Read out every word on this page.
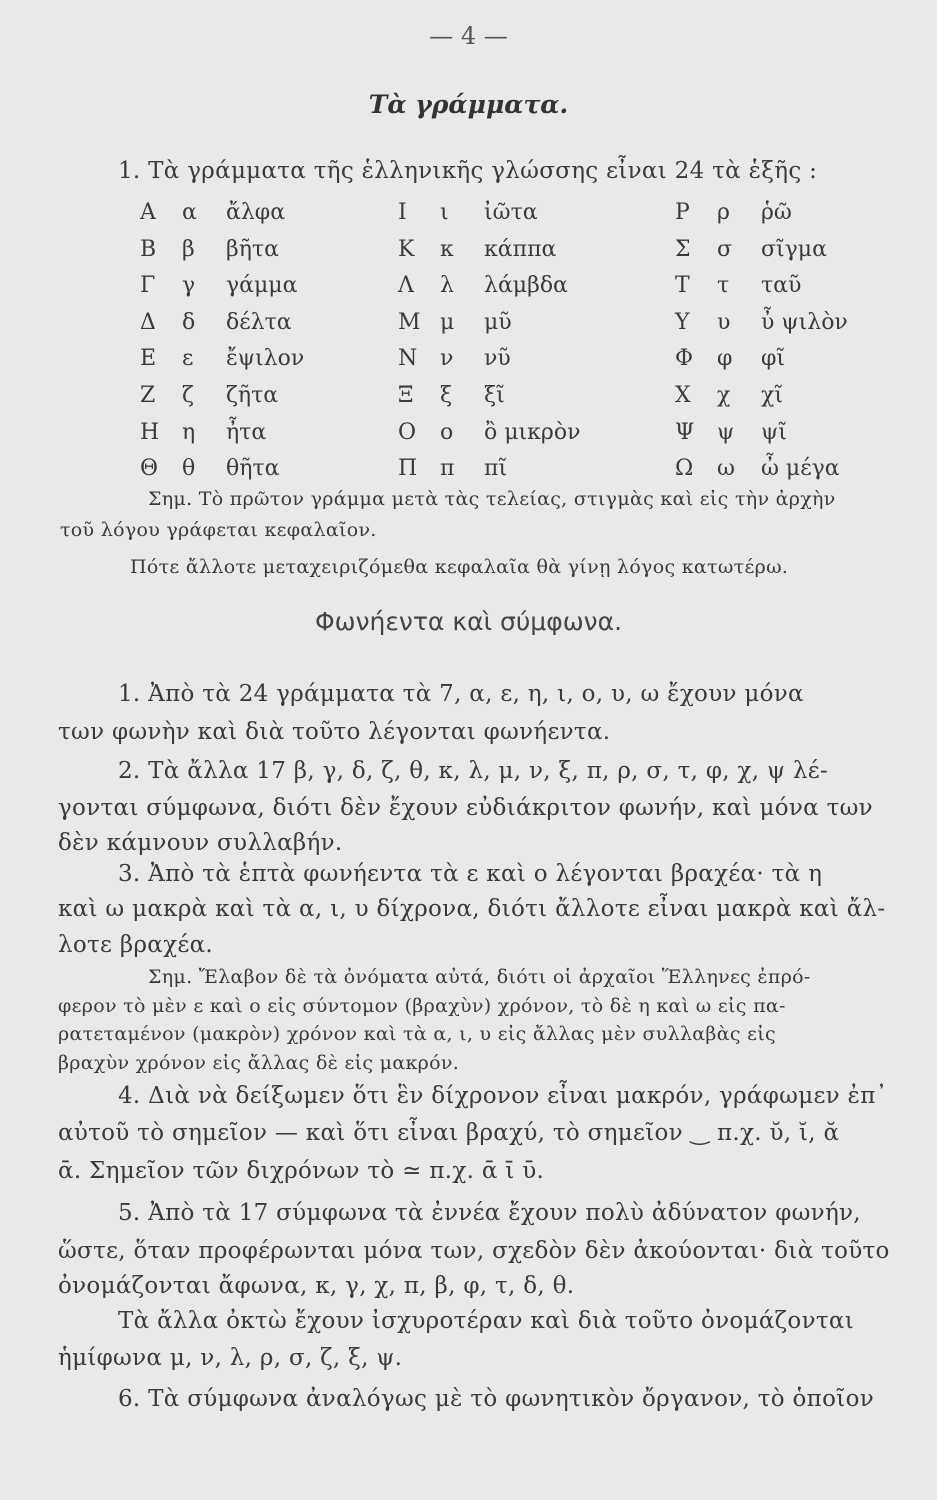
— 4 —
Τὰ γράμματα.
1. Τὰ γράμματα τῆς ἑλληνικῆς γλώσσης εἶναι 24 τὰ ἑξῆς :
Α α ἄλφα
Β β βῆτα
Γ γ γάμμα
Δ δ δέλτα
Ε ε ἔψιλον
Ζ ζ ζῆτα
Η η ἦτα
Θ θ θῆτα
Ι ι ἰῶτα
Κ κ κάππα
Λ λ λάμβδα
Μ μ μῦ
Ν ν νῦ
Ξ ξ ξῖ
Ο ο ὂ μικρὸν
Π π πῖ
Ρ ρ ῥῶ
Σ σ σῖγμα
Τ τ ταῦ
Υ υ ὖ ψιλὸν
Φ φ φῖ
Χ χ χῖ
Ψ ψ ψῖ
Ω ω ὦ μέγα
Σημ. Τὸ πρῶτον γράμμα μετὰ τὰς τελείας, στιγμὰς καὶ εἰς τὴν ἀρχὴν
τοῦ λόγου γράφεται κεφαλαῖον.
Πότε ἄλλοτε μεταχειριζόμεθα κεφαλαῖα θὰ γίνῃ λόγος κατωτέρω.
Φωνήεντα καὶ σύμφωνα.
1. Ἀπὸ τὰ 24 γράμματα τὰ 7, α, ε, η, ι, ο, υ, ω ἔχουν μόνα
των φωνὴν καὶ διὰ τοῦτο λέγονται φωνήεντα.
2. Τὰ ἄλλα 17 β, γ, δ, ζ, θ, κ, λ, μ, ν, ξ, π, ρ, σ, τ, φ, χ, ψ λέ-
γονται σύμφωνα, διότι δὲν ἔχουν εὐδιάκριτον φωνήν, καὶ μόνα των
δὲν κάμνουν συλλαβήν.
3. Ἀπὸ τὰ ἑπτὰ φωνήεντα τὰ ε καὶ ο λέγονται βραχέα· τὰ η
καὶ ω μακρὰ καὶ τὰ α, ι, υ δίχρονα, διότι ἄλλοτε εἶναι μακρὰ καὶ ἄλ-
λοτε βραχέα.
Σημ. Ἔλαβον δὲ τὰ ὀνόματα αὐτά, διότι οἱ ἀρχαῖοι Ἕλληνες ἐπρό-
φερον τὸ μὲν ε καὶ ο εἰς σύντομον (βραχὺν) χρόνον, τὸ δὲ η καὶ ω εἰς πα-
ρατεταμένον (μακρὸν) χρόνον καὶ τὰ α, ι, υ εἰς ἄλλας μὲν συλλαβὰς εἰς
βραχὺν χρόνον εἰς ἄλλας δὲ εἰς μακρόν.
4. Διὰ νὰ δείξωμεν ὅτι ἓν δίχρονον εἶναι μακρόν, γράφωμεν ἐπ᾿
αὐτοῦ τὸ σημεῖον — καὶ ὅτι εἶναι βραχύ, τὸ σημεῖον ‿ π.χ. ῠ, ῐ, ᾰ
ᾱ. Σημεῖον τῶν διχρόνων τὸ ≃ π.χ. ᾱ ῑ ῡ.
5. Ἀπὸ τὰ 17 σύμφωνα τὰ ἐννέα ἔχουν πολὺ ἀδύνατον φωνήν,
ὥστε, ὅταν προφέρωνται μόνα των, σχεδὸν δὲν ἀκούονται· διὰ τοῦτο
ὀνομάζονται ἄφωνα, κ, γ, χ, π, β, φ, τ, δ, θ.
Τὰ ἄλλα ὀκτὼ ἔχουν ἰσχυροτέραν καὶ διὰ τοῦτο ὀνομάζονται
ἡμίφωνα μ, ν, λ, ρ, σ, ζ, ξ, ψ.
6. Τὰ σύμφωνα ἀναλόγως μὲ τὸ φωνητικὸν ὄργανον, τὸ ὁποῖον
